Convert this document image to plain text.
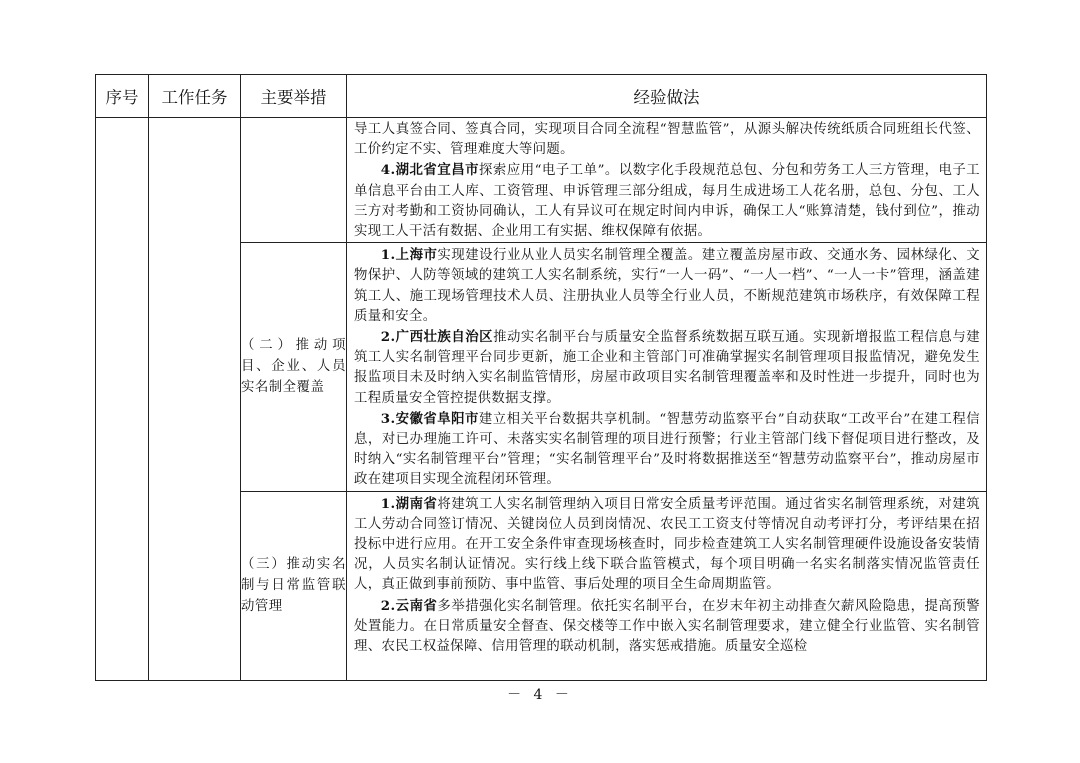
序号	工作任务	主要举措	经验做法

			导工人真签合同、签真合同，实现项目合同全流程“智慧监管”，从源头解决传统纸质合同班组长代签、工价约定不实、管理难度大等问题。

4.湖北省宜昌市探索应用“电子工单”。以数字化手段规范总包、分包和劳务工人三方管理，电子工单信息平台由工人库、工资管理、申诉管理三部分组成，每月生成进场工人花名册，总包、分包、工人三方对考勤和工资协同确认，工人有异议可在规定时间内申诉，确保工人“账算清楚，钱付到位”，推动实现工人干活有数据、企业用工有实据、维权保障有依据。

		（二）推动项目、企业、人员实名制全覆盖	1.上海市实现建设行业从业人员实名制管理全覆盖。建立覆盖房屋市政、交通水务、园林绿化、文物保护、人防等领域的建筑工人实名制系统，实行“一人一码”、“一人一档”、“一人一卡”管理，涵盖建筑工人、施工现场管理技术人员、注册执业人员等全行业人员，不断规范建筑市场秩序，有效保障工程质量和安全。

2.广西壮族自治区推动实名制平台与质量安全监督系统数据互联互通。实现新增报监工程信息与建筑工人实名制管理平台同步更新，施工企业和主管部门可准确掌握实名制管理项目报监情况，避免发生报监项目未及时纳入实名制监管情形，房屋市政项目实名制管理覆盖率和及时性进一步提升，同时也为工程质量安全管控提供数据支撑。

3.安徽省阜阳市建立相关平台数据共享机制。“智慧劳动监察平台”自动获取“工改平台”在建工程信息，对已办理施工许可、未落实实名制管理的项目进行预警；行业主管部门线下督促项目进行整改，及时纳入“实名制管理平台”管理；“实名制管理平台”及时将数据推送至“智慧劳动监察平台”，推动房屋市政在建项目实现全流程闭环管理。

		（三）推动实名制与日常监管联动管理	1.湖南省将建筑工人实名制管理纳入项目日常安全质量考评范围。通过省实名制管理系统，对建筑工人劳动合同签订情况、关键岗位人员到岗情况、农民工工资支付等情况自动考评打分，考评结果在招投标中进行应用。在开工安全条件审查现场核查时，同步检查建筑工人实名制管理硬件设施设备安装情况，人员实名制认证情况。实行线上线下联合监管模式，每个项目明确一名实名制落实情况监管责任人，真正做到事前预防、事中监管、事后处理的项目全生命周期监管。

2.云南省多举措强化实名制管理。依托实名制平台，在岁末年初主动排查欠薪风险隐患，提高预警处置能力。在日常质量安全督查、保交楼等工作中嵌入实名制管理要求，建立健全行业监管、实名制管理、农民工权益保障、信用管理的联动机制，落实惩戒措施。质量安全巡检

－ 4 －
